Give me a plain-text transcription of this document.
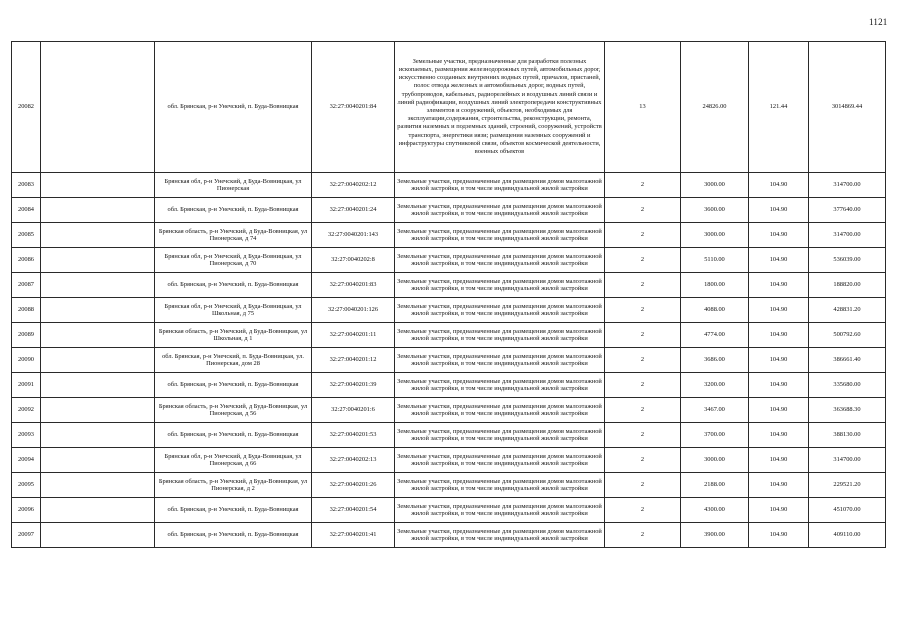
1121
20082		обл. Брянская, р-н Унечский, п. Буда-Вовницкая	32:27:0040201:84	Земельные участки, предназначенные для разработки полезных ископаемых, размещения железнодорожных путей, автомобильных дорог, искусственно созданных внутренних водных путей, причалов, пристаней, полос отвода железных и автомобильных дорог, водных путей, трубопроводов, кабельных, радиорелейных и воздушных линий связи и линий радиофикации, воздушных линий электропередачи конструктивных элементов и сооружений, объектов, необходимых для эксплуатации,содержания, строительства, реконструкции, ремонта, развития наземных и подземных зданий, строений, сооружений, устройств транспорта, энергетики иязи; размещения наземных сооружений и инфраструктуры спутниковой связи, объектов космической деятельности, военных объектов	13	24826.00	121.44	3014869.44
20083		Брянская обл, р-н Унечский, д Буда-Вовницкая, ул Пионерская	32:27:0040202:12	Земельные участки, предназначенные для размещения домов малоэтажной жилой застройки, в том числе индивидуальной жилой застройки	2	3000.00	104.90	314700.00
20084		обл. Брянская, р-н Унечский, п. Буда-Вовницкая	32:27:0040201:24	Земельные участки, предназначенные для размещения домов малоэтажной жилой застройки, в том числе индивидуальной жилой застройки	2	3600.00	104.90	377640.00
20085		Брянская область, р-н Унечский, д Буда-Вовницкая, ул Пионерская, д 74	32:27:0040201:143	Земельные участки, предназначенные для размещения домов малоэтажной жилой застройки, в том числе индивидуальной жилой застройки	2	3000.00	104.90	314700.00
20086		Брянская обл, р-н Унечский, д Буда-Вовницкая, ул Пионерская, д 70	32:27:0040202:8	Земельные участки, предназначенные для размещения домов малоэтажной жилой застройки, в том числе индивидуальной жилой застройки	2	5110.00	104.90	536039.00
20087		обл. Брянская, р-н Унечский, п. Буда-Вовницкая	32:27:0040201:83	Земельные участки, предназначенные для размещения домов малоэтажной жилой застройки, в том числе индивидуальной жилой застройки	2	1800.00	104.90	188820.00
20088		Брянская обл, р-н Унечский, д Буда-Вовницкая, ул Школьная, д 75	32:27:0040201:126	Земельные участки, предназначенные для размещения домов малоэтажной жилой застройки, в том числе индивидуальной жилой застройки	2	4088.00	104.90	428831.20
20089		Брянская область, р-н Унечский, д Буда-Вовницкая, ул Школьная, д 1	32:27:0040201:11	Земельные участки, предназначенные для размещения домов малоэтажной жилой застройки, в том числе индивидуальной жилой застройки	2	4774.00	104.90	500792.60
20090		обл. Брянская, р-н Унечский, п. Буда-Вовницкая, ул. Пионерская, дом 28	32:27:0040201:12	Земельные участки, предназначенные для размещения домов малоэтажной жилой застройки, в том числе индивидуальной жилой застройки	2	3686.00	104.90	386661.40
20091		обл. Брянская, р-н Унечский, п. Буда-Вовницкая	32:27:0040201:39	Земельные участки, предназначенные для размещения домов малоэтажной жилой застройки, в том числе индивидуальной жилой застройки	2	3200.00	104.90	335680.00
20092		Брянская область, р-н Унечский, д Буда-Вовницкая, ул Пионерская, д 56	32:27:0040201:6	Земельные участки, предназначенные для размещения домов малоэтажной жилой застройки, в том числе индивидуальной жилой застройки	2	3467.00	104.90	363688.30
20093		обл. Брянская, р-н Унечский, п. Буда-Вовницкая	32:27:0040201:53	Земельные участки, предназначенные для размещения домов малоэтажной жилой застройки, в том числе индивидуальной жилой застройки	2	3700.00	104.90	388130.00
20094		Брянская обл, р-н Унечский, д Буда-Вовницкая, ул Пионерская, д 66	32:27:0040202:13	Земельные участки, предназначенные для размещения домов малоэтажной жилой застройки, в том числе индивидуальной жилой застройки	2	3000.00	104.90	314700.00
20095		Брянская область, р-н Унечский, д Буда-Вовницкая, ул Пионерская, д 2	32:27:0040201:26	Земельные участки, предназначенные для размещения домов малоэтажной жилой застройки, в том числе индивидуальной жилой застройки	2	2188.00	104.90	229521.20
20096		обл. Брянская, р-н Унечский, п. Буда-Вовницкая	32:27:0040201:54	Земельные участки, предназначенные для размещения домов малоэтажной жилой застройки, в том числе индивидуальной жилой застройки	2	4300.00	104.90	451070.00
20097		обл. Брянская, р-н Унечский, п. Буда-Вовницкая	32:27:0040201:41	Земельные участки, предназначенные для размещения домов малоэтажной жилой застройки, в том числе индивидуальной жилой застройки	2	3900.00	104.90	409110.00
